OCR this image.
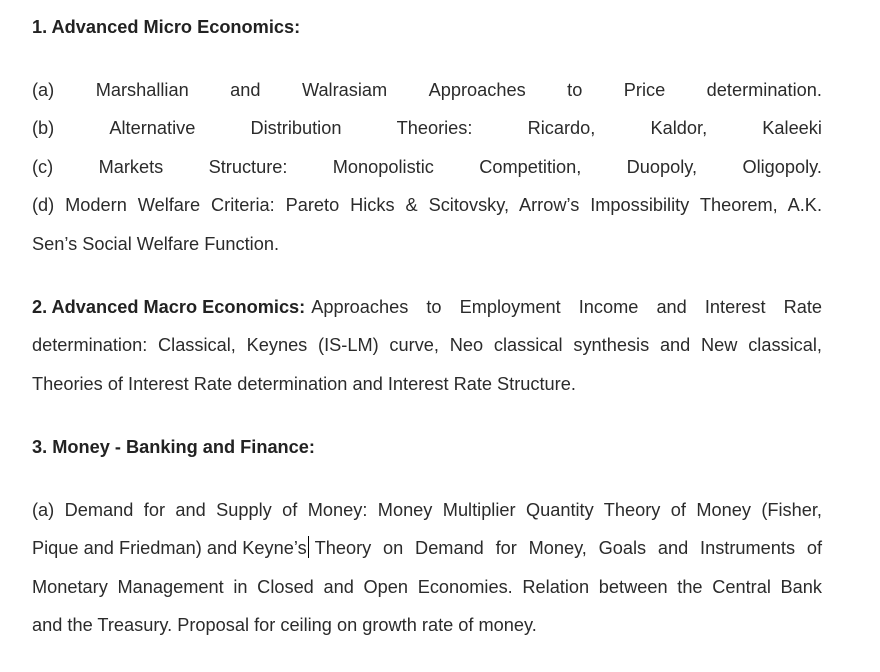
1. Advanced Micro Economics:
(a) Marshallian and Walrasiam Approaches to Price determination.
(b)	Alternative	Distribution	Theories:	Ricardo,	Kaldor,	Kaleeki
(c) Markets Structure: Monopolistic Competition, Duopoly, Oligopoly.
(d) Modern Welfare Criteria: Pareto Hicks & Scitovsky, Arrow’s Impossibility Theorem, A.K.
Sen’s Social Welfare Function.
2. Advanced Macro Economics: Approaches to Employment Income and Interest Rate
determination: Classical, Keynes (IS-LM) curve, Neo classical synthesis and New classical,
Theories of Interest Rate determination and Interest Rate Structure.
3. Money - Banking and Finance:
(a) Demand for and Supply of Money: Money Multiplier Quantity Theory of Money (Fisher,
Pique and Friedman) and Keyne’s Theory on Demand for Money, Goals and Instruments of
Monetary Management in Closed and Open Economies. Relation between the Central Bank
and the Treasury. Proposal for ceiling on growth rate of money.
